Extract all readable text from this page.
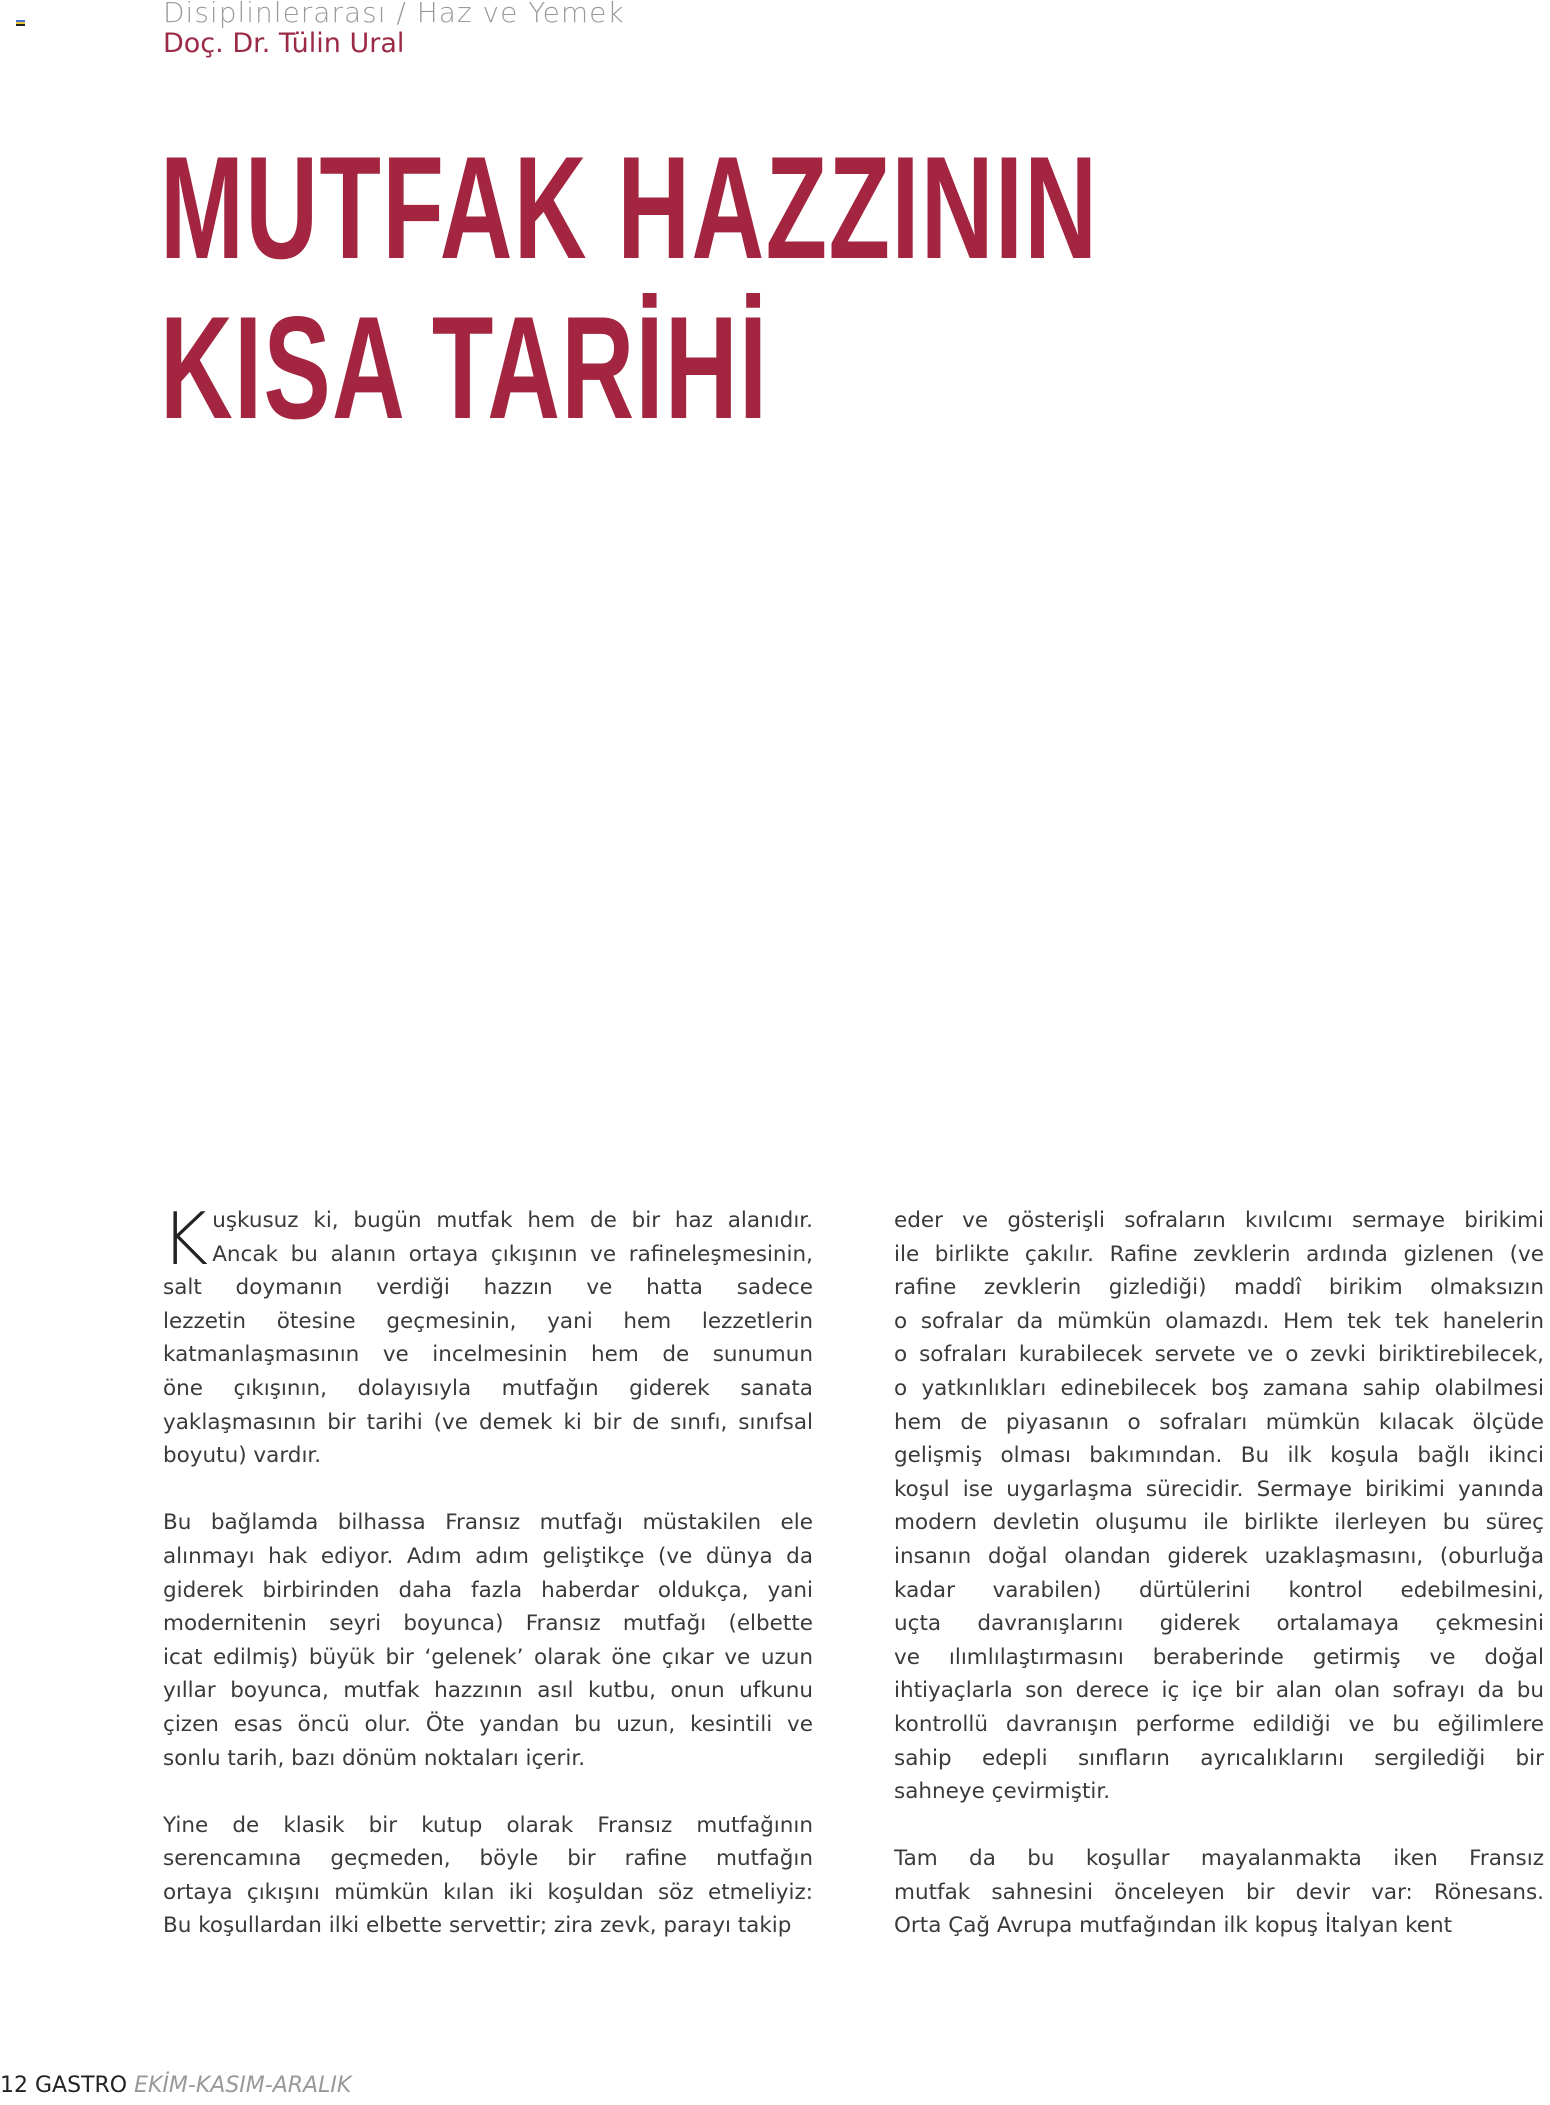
Disiplinlerarası / Haz ve Yemek
Doç. Dr. Tülin Ural
MUTFAK HAZZININ
KISA TARİHİ
K uşkusuz ki, bugün mutfak hem de bir haz alanıdır.
Ancak bu alanın ortaya çıkışının ve rafineleşmesinin,
salt doymanın verdiği hazzın ve hatta sadece
lezzetin ötesine geçmesinin, yani hem lezzetlerin
katmanlaşmasının ve incelmesinin hem de sunumun
öne çıkışının, dolayısıyla mutfağın giderek sanata
yaklaşmasının bir tarihi (ve demek ki bir de sınıfı, sınıfsal
boyutu) vardır.
Bu bağlamda bilhassa Fransız mutfağı müstakilen ele
alınmayı hak ediyor. Adım adım geliştikçe (ve dünya da
giderek birbirinden daha fazla haberdar oldukça, yani
modernitenin seyri boyunca) Fransız mutfağı (elbette
icat edilmiş) büyük bir ‘gelenek’ olarak öne çıkar ve uzun
yıllar boyunca, mutfak hazzının asıl kutbu, onun ufkunu
çizen esas öncü olur. Öte yandan bu uzun, kesintili ve
sonlu tarih, bazı dönüm noktaları içerir.
Yine de klasik bir kutup olarak Fransız mutfağının
serencamına geçmeden, böyle bir rafine mutfağın
ortaya çıkışını mümkün kılan iki koşuldan söz etmeliyiz:
Bu koşullardan ilki elbette servettir; zira zevk, parayı takip
eder ve gösterişli sofraların kıvılcımı sermaye birikimi
ile birlikte çakılır. Rafine zevklerin ardında gizlenen (ve
rafine zevklerin gizlediği) maddî birikim olmaksızın
o sofralar da mümkün olamazdı. Hem tek tek hanelerin
o sofraları kurabilecek servete ve o zevki biriktirebilecek,
o yatkınlıkları edinebilecek boş zamana sahip olabilmesi
hem de piyasanın o sofraları mümkün kılacak ölçüde
gelişmiş olması bakımından. Bu ilk koşula bağlı ikinci
koşul ise uygarlaşma sürecidir. Sermaye birikimi yanında
modern devletin oluşumu ile birlikte ilerleyen bu süreç
insanın doğal olandan giderek uzaklaşmasını, (oburluğa
kadar varabilen) dürtülerini kontrol edebilmesini,
uçta davranışlarını giderek ortalamaya çekmesini
ve ılımlılaştırmasını beraberinde getirmiş ve doğal
ihtiyaçlarla son derece iç içe bir alan olan sofrayı da bu
kontrollü davranışın performe edildiği ve bu eğilimlere
sahip edepli sınıfların ayrıcalıklarını sergilediği bir
sahneye çevirmiştir.
Tam da bu koşullar mayalanmakta iken Fransız
mutfak sahnesini önceleyen bir devir var: Rönesans.
Orta Çağ Avrupa mutfağından ilk kopuş İtalyan kent
12 GASTRO EKİM-KASIM-ARALIK
